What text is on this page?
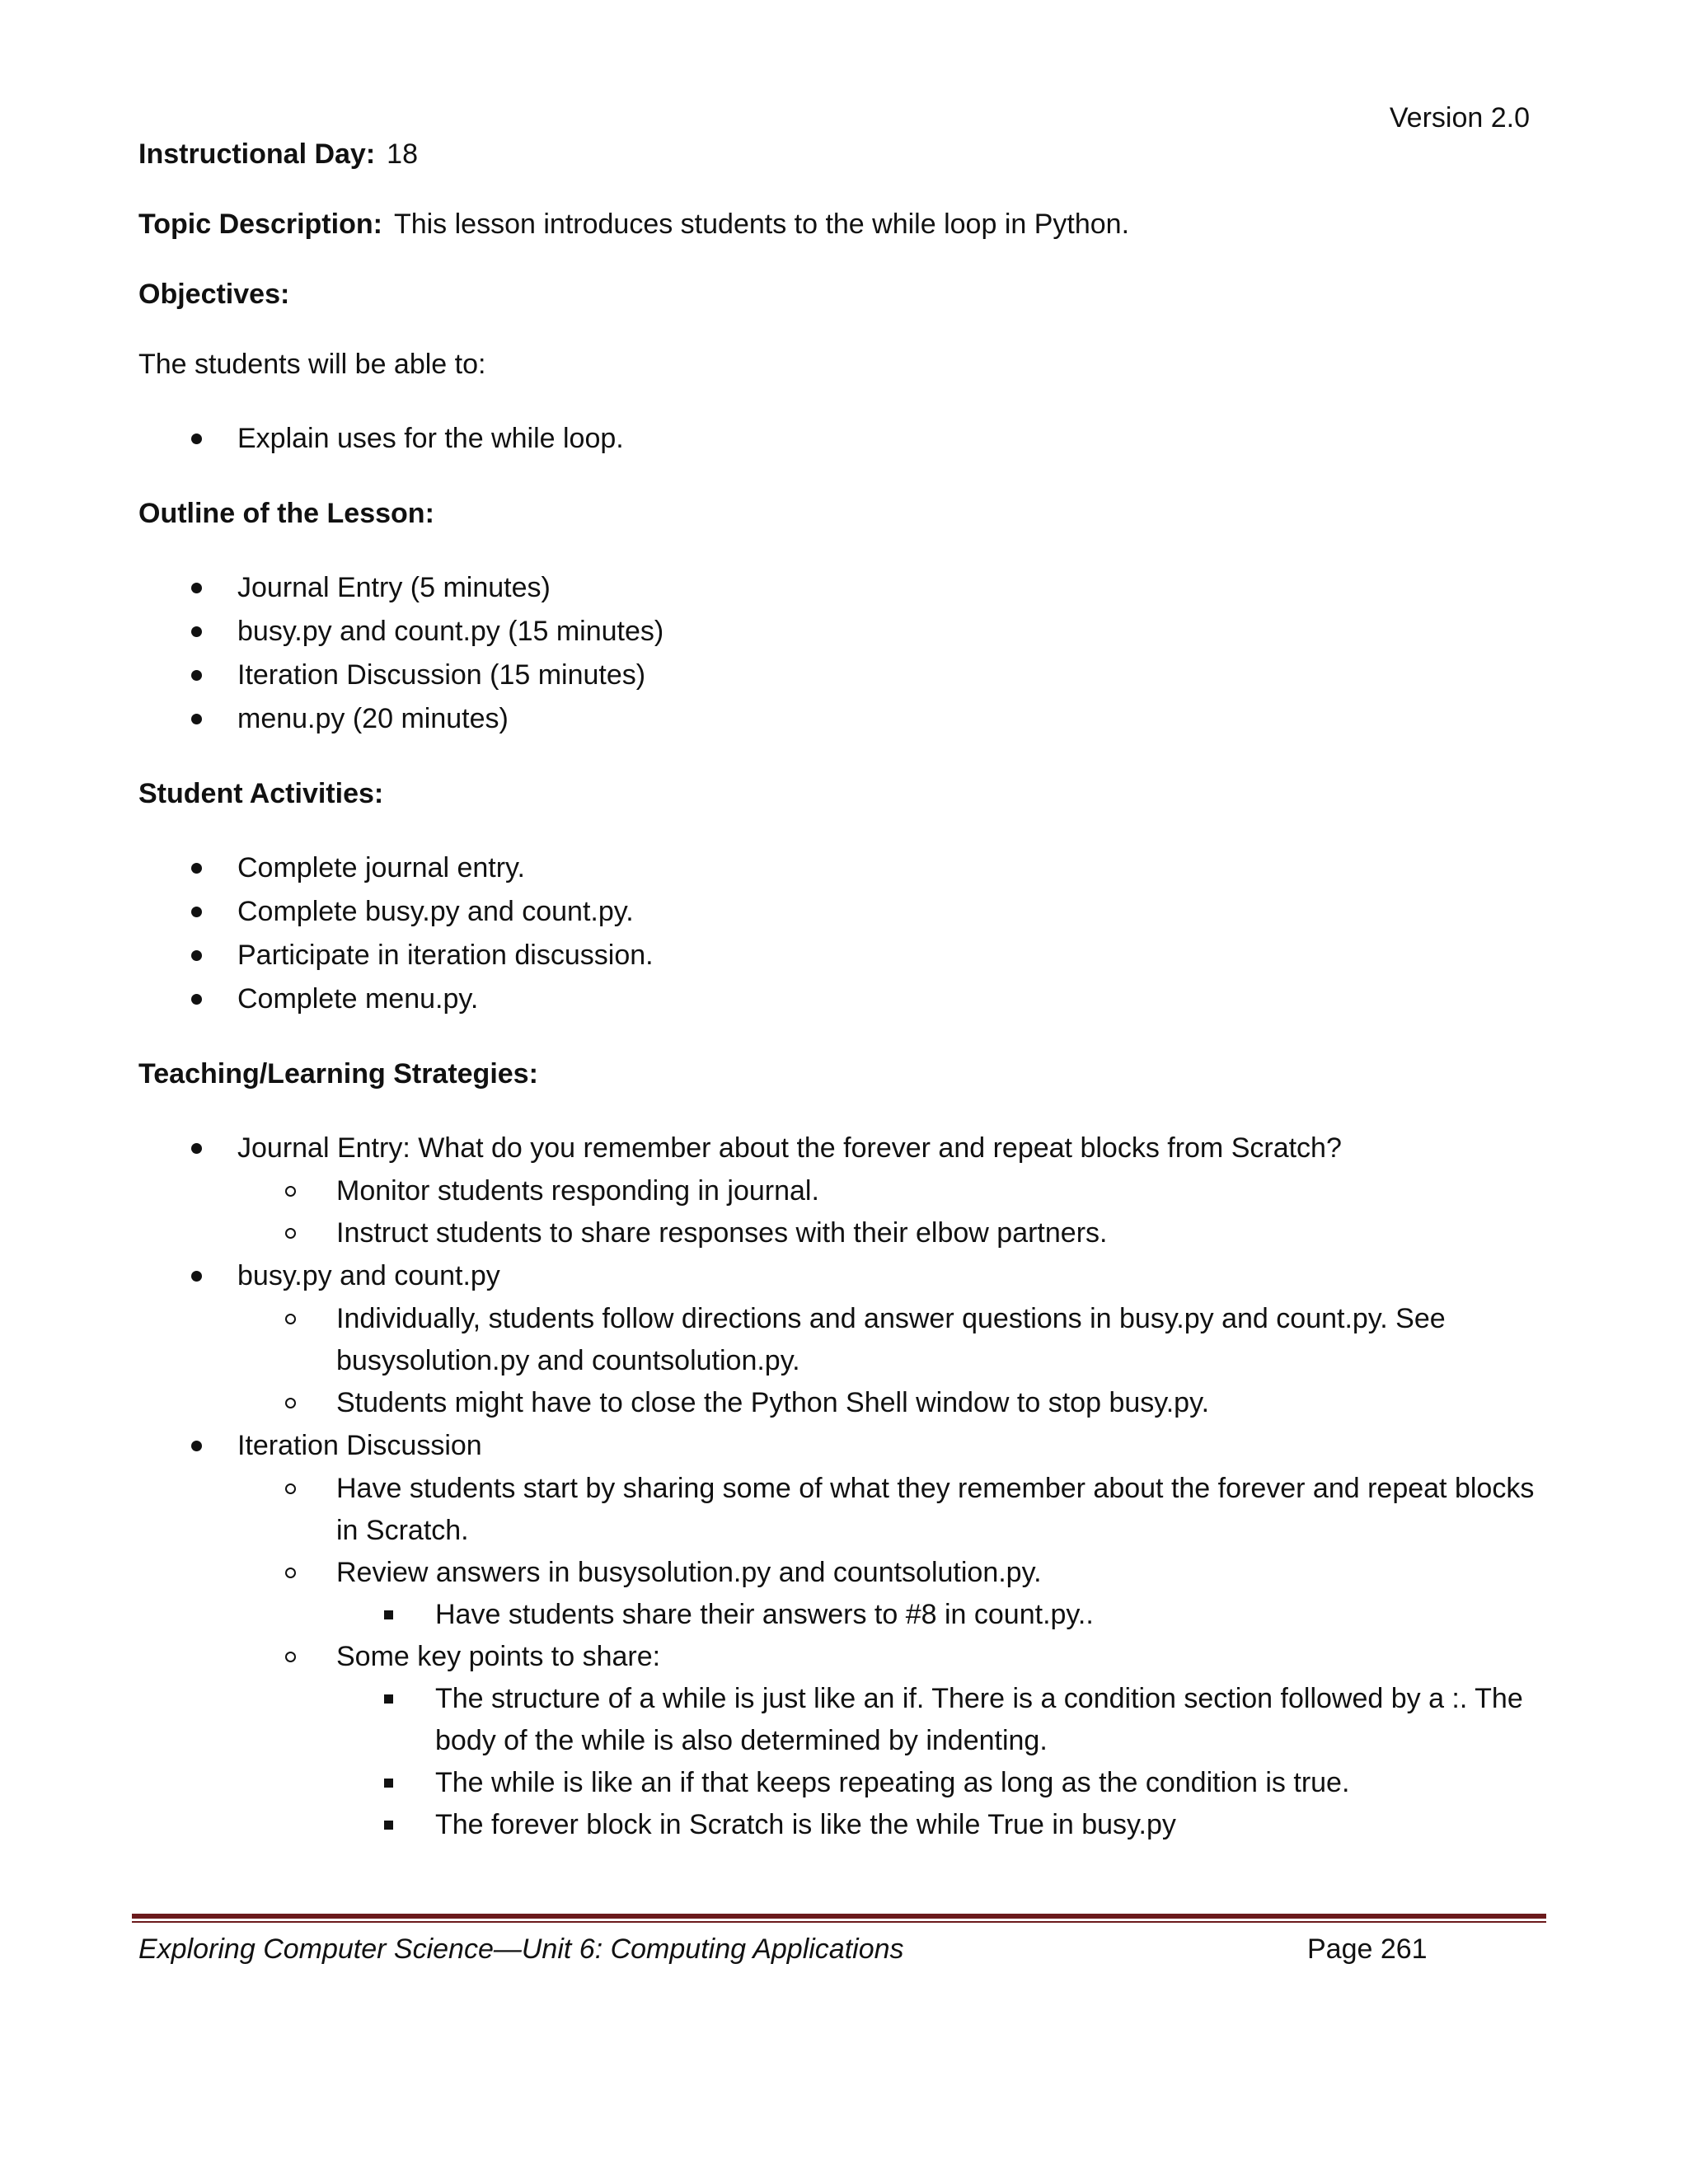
Version 2.0
Instructional Day: 18
Topic Description: This lesson introduces students to the while loop in Python.
Objectives:
The students will be able to:
Explain uses for the while loop.
Outline of the Lesson:
Journal Entry (5 minutes)
busy.py and count.py (15 minutes)
Iteration Discussion (15 minutes)
menu.py (20 minutes)
Student Activities:
Complete journal entry.
Complete busy.py and count.py.
Participate in iteration discussion.
Complete menu.py.
Teaching/Learning Strategies:
Journal Entry: What do you remember about the forever and repeat blocks from Scratch?
Monitor students responding in journal.
Instruct students to share responses with their elbow partners.
busy.py and count.py
Individually, students follow directions and answer questions in busy.py and count.py. See busysolution.py and countsolution.py.
Students might have to close the Python Shell window to stop busy.py.
Iteration Discussion
Have students start by sharing some of what they remember about the forever and repeat blocks in Scratch.
Review answers in busysolution.py and countsolution.py.
Have students share their answers to #8 in count.py..
Some key points to share:
The structure of a while is just like an if. There is a condition section followed by a :. The body of the while is also determined by indenting.
The while is like an if that keeps repeating as long as the condition is true.
The forever block in Scratch is like the while True in busy.py
Exploring Computer Science—Unit 6: Computing Applications	Page 261
